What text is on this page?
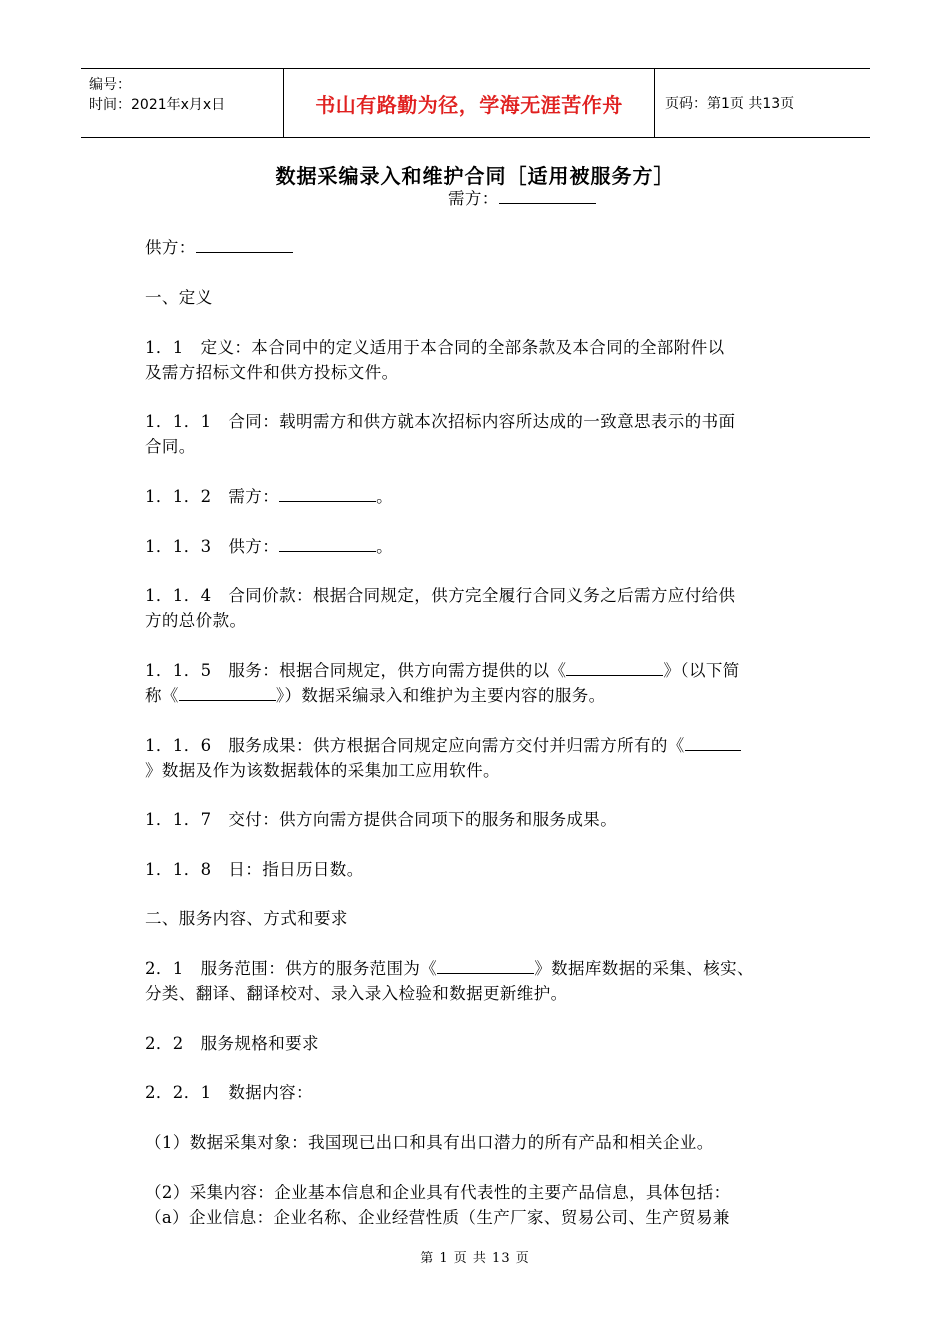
编号：
时间：2021年x月x日	书山有路勤为径，学海无涯苦作舟	页码：第1页 共13页
数据采编录入和维护合同［适用被服务方］
需方：
供方：
一、定义
1．1　定义：本合同中的定义适用于本合同的全部条款及本合同的全部附件以
及需方招标文件和供方投标文件。
1．1．1　合同：载明需方和供方就本次招标内容所达成的一致意思表示的书面
合同。
1．1．2　需方：	。
1．1．3　供方：	。
1．1．4　合同价款：根据合同规定，供方完全履行合同义务之后需方应付给供
方的总价款。
1．1．5　服务：根据合同规定，供方向需方提供的以《	》（以下简
称《	》）数据采编录入和维护为主要内容的服务。
1．1．6　服务成果：供方根据合同规定应向需方交付并归需方所有的《
》数据及作为该数据载体的采集加工应用软件。
1．1．7　交付：供方向需方提供合同项下的服务和服务成果。
1．1．8　日：指日历日数。
二、服务内容、方式和要求
2．1　服务范围：供方的服务范围为《	》数据库数据的采集、核实、
分类、翻译、翻译校对、录入录入检验和数据更新维护。
2．2　服务规格和要求
2．2．1　数据内容：
（1）数据采集对象：我国现已出口和具有出口潜力的所有产品和相关企业。
（2）采集内容：企业基本信息和企业具有代表性的主要产品信息，具体包括：
（a）企业信息：企业名称、企业经营性质（生产厂家、贸易公司、生产贸易兼
第 1 页 共 13 页
